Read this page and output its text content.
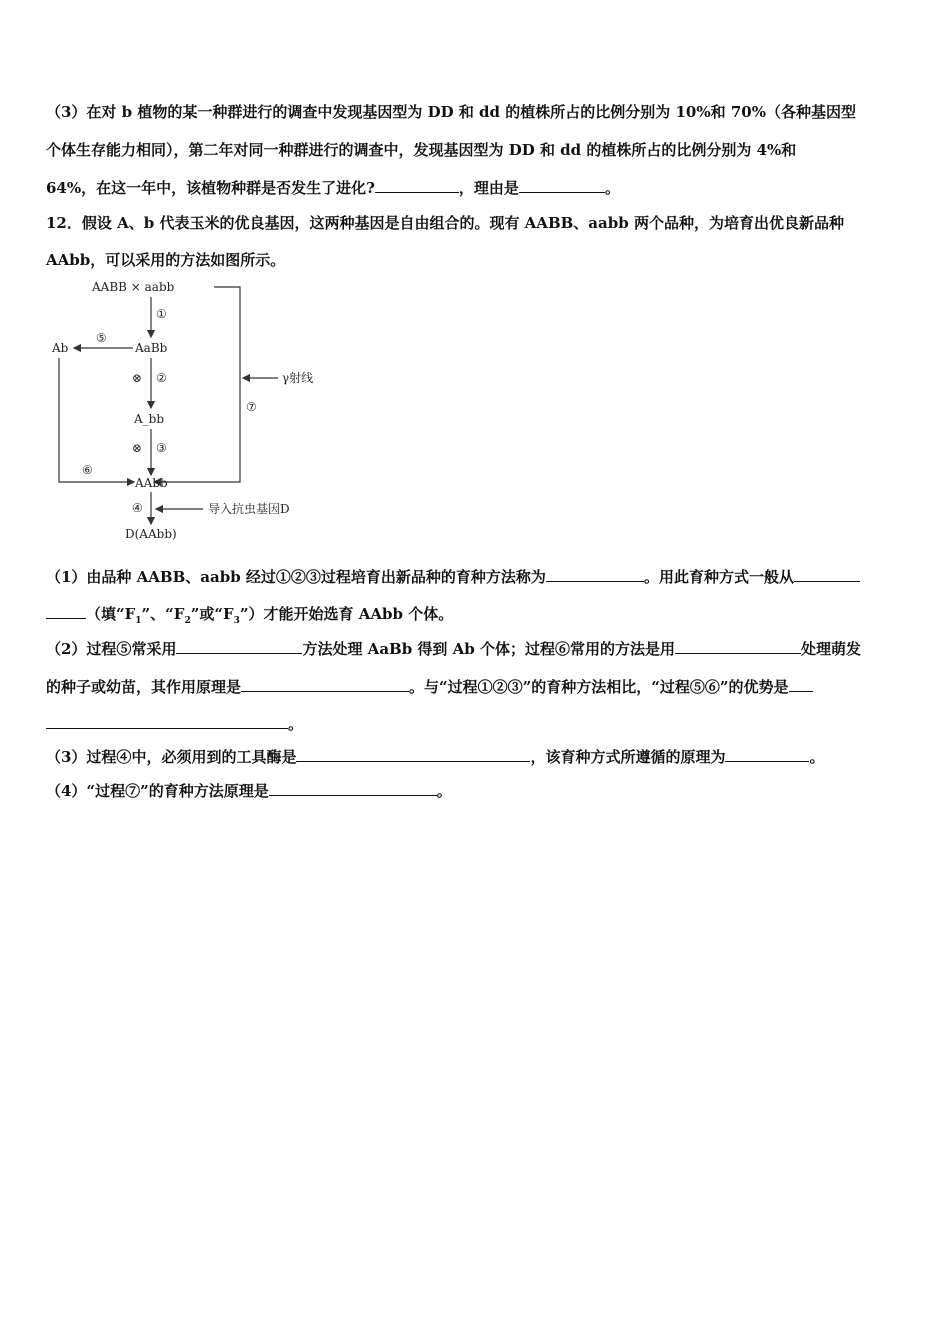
（3）在对 b 植物的某一种群进行的调查中发现基因型为 DD 和 dd 的植株所占的比例分别为 10%和 70%（各种基因型
个体生存能力相同），第二年对同一种群进行的调查中，发现基因型为 DD 和 dd 的植株所占的比例分别为 4%和
64%，在这一年中，该植物种群是否发生了进化?	，理由是	。
12．假设 A、b 代表玉米的优良基因，这两种基因是自由组合的。现有 AABB、aabb 两个品种，为培育出优良新品种
AAbb，可以采用的方法如图所示。
AABB × aabb
①
AaBb
⑤
Ab
⑥
⊗ ②
A_bb
⊗ ③
γ射线
⑦
AAbb
④	导入抗虫基因D
D(AAbb)
（1）由品种 AABB、aabb 经过①②③过程培育出新品种的育种方法称为	。用此育种方式一般从
（填“$F_1$”、“$F_2$”或“$F_3$”）才能开始选育 AAbb 个体。
（2）过程⑤常采用	方法处理 AaBb 得到 Ab 个体；过程⑥常用的方法是用	处理萌发
的种子或幼苗，其作用原理是	。与“过程①②③”的育种方法相比，“过程⑤⑥”的优势是
。
（3）过程④中，必须用到的工具酶是	，该育种方式所遵循的原理为	。
（4）“过程⑦”的育种方法原理是	。
